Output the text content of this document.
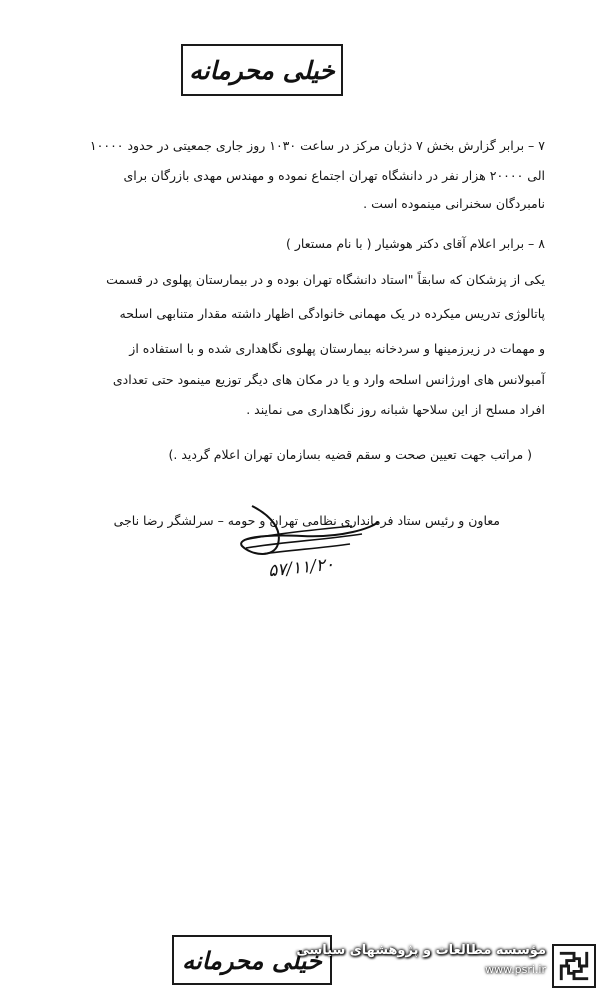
خیلی محرمانه
۷ – برابر گزارش بخش ۷ دژبان مرکز در ساعت ۱۰۳۰ روز جاری جمعیتی در حدود ۱۰۰۰۰
الی ۲۰۰۰۰ هزار نفر در دانشگاه تهران اجتماع نموده و مهندس مهدی بازرگان برای
نامبردگان سخنرانی مینموده است .
۸ – برابر اعلام آقای دکتر هوشیار ( با نام مستعار )
یکی از پزشکان که سابقاً "استاد دانشگاه تهران بوده و در بیمارستان پهلوی در قسمت
پاتالوژی تدریس میکرده در یک مهمانی خانوادگی اظهار داشته مقدار متنابهی اسلحه
و مهمات در زیرزمینها و سردخانه بیمارستان پهلوی نگاهداری شده و با استفاده از
آمبولانس های اورژانس اسلحه وارد و یا در مکان های دیگر توزیع مینمود حتی تعدادی
افراد مسلح از این سلاحها شبانه روز نگاهداری می نمایند .
( مراتب جهت تعیین صحت و سقم قضیه بسازمان تهران اعلام گردید .)
معاون و رئیس ستاد فرمانداری نظامی تهران و حومه – سرلشگر رضا ناجی
۵۷/۱۱/۲۰
خیلی محرمانه
مؤسسه مطالعات و پژوهشهای سیاسی
www.psri.ir
